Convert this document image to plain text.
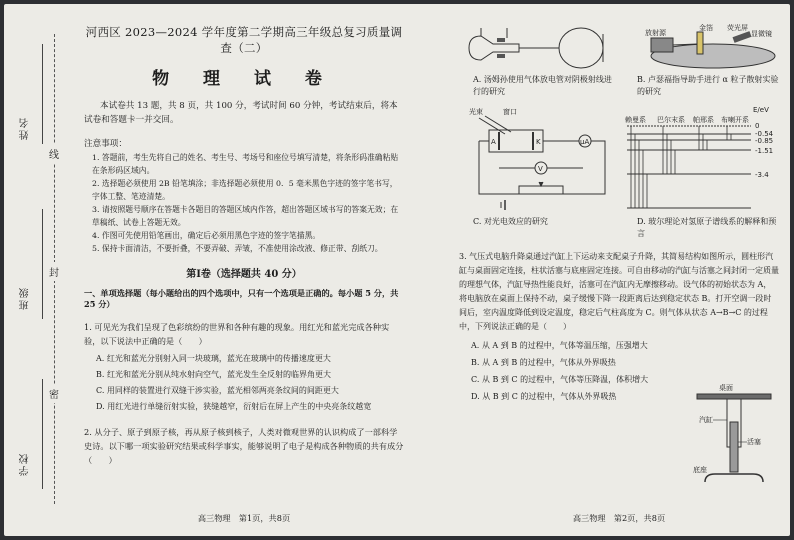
姓名
班级
学校
线
封
密
河西区 2023—2024 学年度第二学期高三年级总复习质量调查（二）
物 理 试 卷

本试卷共 13 题，共 8 页，共 100 分，考试时间 60 分钟，考试结束后，将本试卷和答题卡一并交回。

注意事项：
1. 答题前，考生先将自己的姓名、考生号、考场号和座位号填写清楚，将条形码准确粘贴在条形码区域内。
2. 选择题必须使用 2B 铅笔填涂；非选择题必须使用 0．5 毫米黑色字迹的签字笔书写，字体工整、笔迹清楚。
3. 请按照题号顺序在答题卡各题目的答题区域内作答，超出答题区域书写的答案无效；在草稿纸、试卷上答题无效。
4. 作图可先使用铅笔画出，确定后必须用黑色字迹的签字笔描黑。
5. 保持卡面清洁，不要折叠，不要弄破、弄皱，不准使用涂改液、修正带、刮纸刀。
第Ⅰ卷（选择题共 40 分）
一、单项选择题（每小题给出的四个选项中，只有一个选项是正确的。每小题 5 分，共 25 分）

1. 可见光为我们呈现了色彩缤纷的世界和各种有趣的现象。用红光和蓝光完成各种实验，以下说法中正确的是（　　）

A. 红光和蓝光分别射入同一块玻璃，蓝光在玻璃中的传播速度更大
B. 红光和蓝光分别从纯水射向空气，蓝光发生全反射的临界角更大
C. 用同样的装置进行双缝干涉实验，蓝光相邻两亮条纹间的间距更大
D. 用红光进行单缝衍射实验，狭缝越窄，衍射后在屏上产生的中央亮条纹越宽

2. 从分子、原子到原子核，再从原子核到核子，人类对微观世界的认识构成了一部科学史诗。以下哪一项实验研究结果或科学事实，能够说明了电子是构成各种物质的共有成分（　　）

高三物理　第1页，共8页
A. 汤姆孙使用气体放电管对阴极射线进行的研究
金箔 荧光屏
显微镜
放射源
B. 卢瑟福指导助手进行 α 粒子散射实验的研究
光束	窗口
A	K	μA
V
C. 对光电效应的研究
E/eV
赖曼系 巴尔末系 帕邢系 布喇开系
0
-0.54
-0.85
-1.51
-3.4
D. 玻尔理论对氢原子谱线系的解释和预言

3. 气压式电脑升降桌通过汽缸上下运动来支配桌子升降，其简易结构如图所示，圆柱形汽缸与桌面固定连接，柱状活塞与底座固定连接。可自由移动的汽缸与活塞之间封闭一定质量的理想气体，汽缸导热性能良好，活塞可在汽缸内无摩擦移动。设气体的初始状态为 A，将电脑放在桌面上保持不动，桌子缓慢下降一段距离后达到稳定状态 B。打开空调一段时间后，室内温度降低到设定温度，稳定后气柱高度为 C。则气体从状态 A→B→C 的过程中，下列说法正确的是（　　）

A. 从 A 到 B 的过程中，气体等温压缩，压强增大
B. 从 A 到 B 的过程中，气体从外界吸热
C. 从 B 到 C 的过程中，气体等压降温，体积增大
D. 从 B 到 C 的过程中，气体从外界吸热
桌面
汽缸
活塞
底座
高三物理　第2页，共8页
